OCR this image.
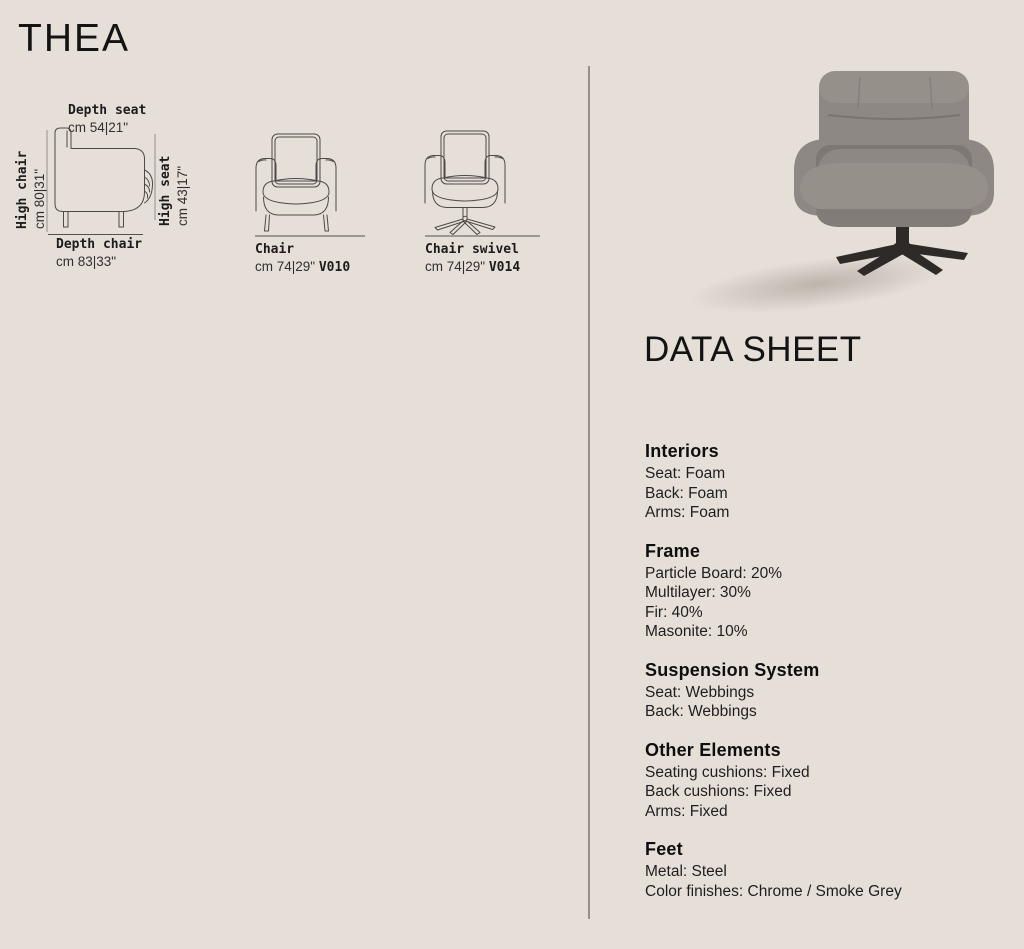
THEA
Depth seat
cm 54|21"
High chair cm 80|31"	High seat cm 43|17"
Depth chair
cm 83|33"
Chair
cm 74|29" V010
Chair swivel
cm 74|29" V014
DATA SHEET
Interiors
Seat: Foam
Back: Foam
Arms: Foam
Frame
Particle Board: 20%
Multilayer: 30%
Fir: 40%
Masonite: 10%
Suspension System
Seat: Webbings
Back: Webbings
Other Elements
Seating cushions: Fixed
Back cushions: Fixed
Arms: Fixed
Feet
Metal: Steel
Color finishes: Chrome / Smoke Grey
